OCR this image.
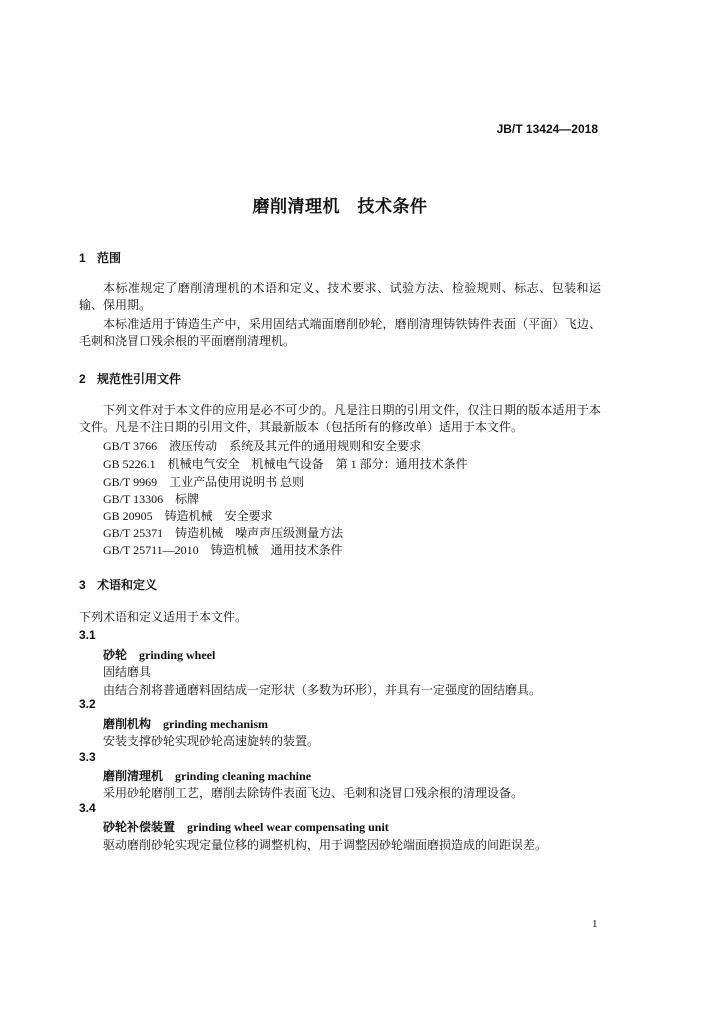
JB/T 13424—2018
磨削清理机　技术条件
1 范围
本标准规定了磨削清理机的术语和定义、技术要求、试验方法、检验规则、标志、包装和运输、保用期。
本标准适用于铸造生产中，采用固结式端面磨削砂轮，磨削清理铸铁铸件表面（平面）飞边、毛刺和浇冒口残余根的平面磨削清理机。
2 规范性引用文件
下列文件对于本文件的应用是必不可少的。凡是注日期的引用文件，仅注日期的版本适用于本文件。凡是不注日期的引用文件，其最新版本（包括所有的修改单）适用于本文件。
GB/T 3766　液压传动　系统及其元件的通用规则和安全要求
GB 5226.1　机械电气安全　机械电气设备　第 1 部分：通用技术条件
GB/T 9969　工业产品使用说明书 总则
GB/T 13306　标牌
GB 20905　铸造机械　安全要求
GB/T 25371　铸造机械　噪声声压级测量方法
GB/T 25711—2010　铸造机械　通用技术条件
3 术语和定义
下列术语和定义适用于本文件。
3.1
砂轮　grinding wheel
固结磨具
由结合剂将普通磨料固结成一定形状（多数为环形），并具有一定强度的固结磨具。
3.2
磨削机构　grinding mechanism
安装支撑砂轮实现砂轮高速旋转的装置。
3.3
磨削清理机　grinding cleaning machine
采用砂轮磨削工艺，磨削去除铸件表面飞边、毛刺和浇冒口残余根的清理设备。
3.4
砂轮补偿装置　grinding wheel wear compensating unit
驱动磨削砂轮实现定量位移的调整机构，用于调整因砂轮端面磨损造成的间距误差。
1
